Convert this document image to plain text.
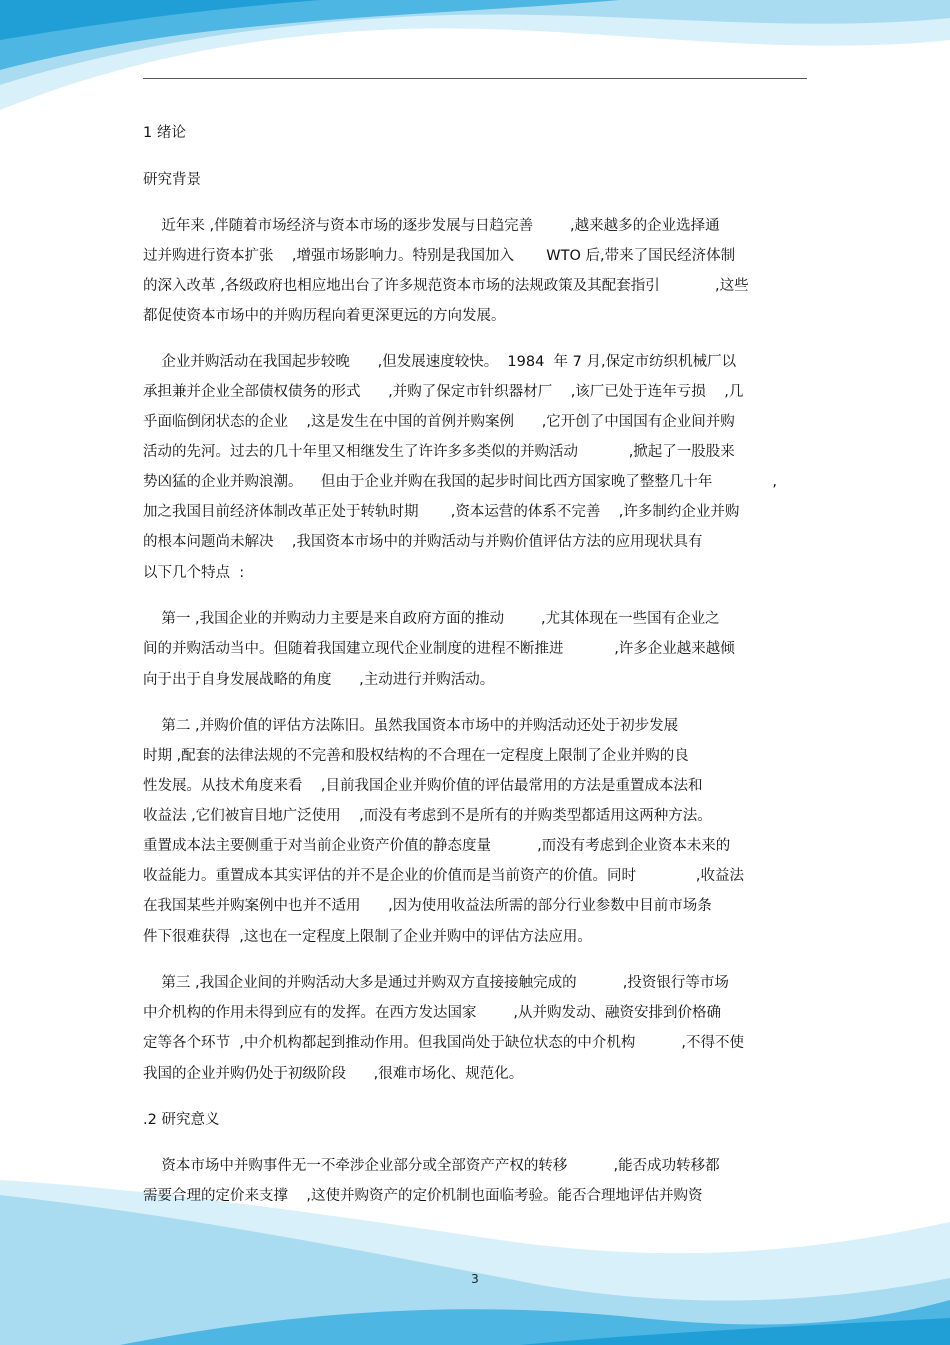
1 绪论
研究背景
近年来 ,伴随着市场经济与资本市场的逐步发展与日趋完善        ,越来越多的企业选择通
过并购进行资本扩张    ,增强市场影响力。特别是我国加入       WTO 后,带来了国民经济体制
的深入改革 ,各级政府也相应地出台了许多规范资本市场的法规政策及其配套指引            ,这些
都促使资本市场中的并购历程向着更深更远的方向发展。
企业并购活动在我国起步较晚      ,但发展速度较快。  1984  年 7 月,保定市纺织机械厂以
承担兼并企业全部债权债务的形式      ,并购了保定市针织器材厂    ,该厂已处于连年亏损    ,几
乎面临倒闭状态的企业    ,这是发生在中国的首例并购案例      ,它开创了中国国有企业间并购
活动的先河。过去的几十年里又相继发生了许许多多类似的并购活动           ,掀起了一股股来
势凶猛的企业并购浪潮。    但由于企业并购在我国的起步时间比西方国家晚了整整几十年             ,
加之我国目前经济体制改革正处于转轨时期       ,资本运营的体系不完善    ,许多制约企业并购
的根本问题尚未解决    ,我国资本市场中的并购活动与并购价值评估方法的应用现状具有
以下几个特点  :
第一 ,我国企业的并购动力主要是来自政府方面的推动        ,尤其体现在一些国有企业之
间的并购活动当中。但随着我国建立现代企业制度的进程不断推进           ,许多企业越来越倾
向于出于自身发展战略的角度      ,主动进行并购活动。
第二 ,并购价值的评估方法陈旧。虽然我国资本市场中的并购活动还处于初步发展
时期 ,配套的法律法规的不完善和股权结构的不合理在一定程度上限制了企业并购的良
性发展。从技术角度来看    ,目前我国企业并购价值的评估最常用的方法是重置成本法和
收益法 ,它们被盲目地广泛使用    ,而没有考虑到不是所有的并购类型都适用这两种方法。
重置成本法主要侧重于对当前企业资产价值的静态度量          ,而没有考虑到企业资本未来的
收益能力。重置成本其实评估的并不是企业的价值而是当前资产的价值。同时             ,收益法
在我国某些并购案例中也并不适用      ,因为使用收益法所需的部分行业参数中目前市场条
件下很难获得  ,这也在一定程度上限制了企业并购中的评估方法应用。
第三 ,我国企业间的并购活动大多是通过并购双方直接接触完成的          ,投资银行等市场
中介机构的作用未得到应有的发挥。在西方发达国家        ,从并购发动、融资安排到价格确
定等各个环节  ,中介机构都起到推动作用。但我国尚处于缺位状态的中介机构          ,不得不使
我国的企业并购仍处于初级阶段      ,很难市场化、规范化。
.2 研究意义
资本市场中并购事件无一不牵涉企业部分或全部资产产权的转移          ,能否成功转移都
需要合理的定价来支撑    ,这使并购资产的定价机制也面临考验。能否合理地评估并购资
3
